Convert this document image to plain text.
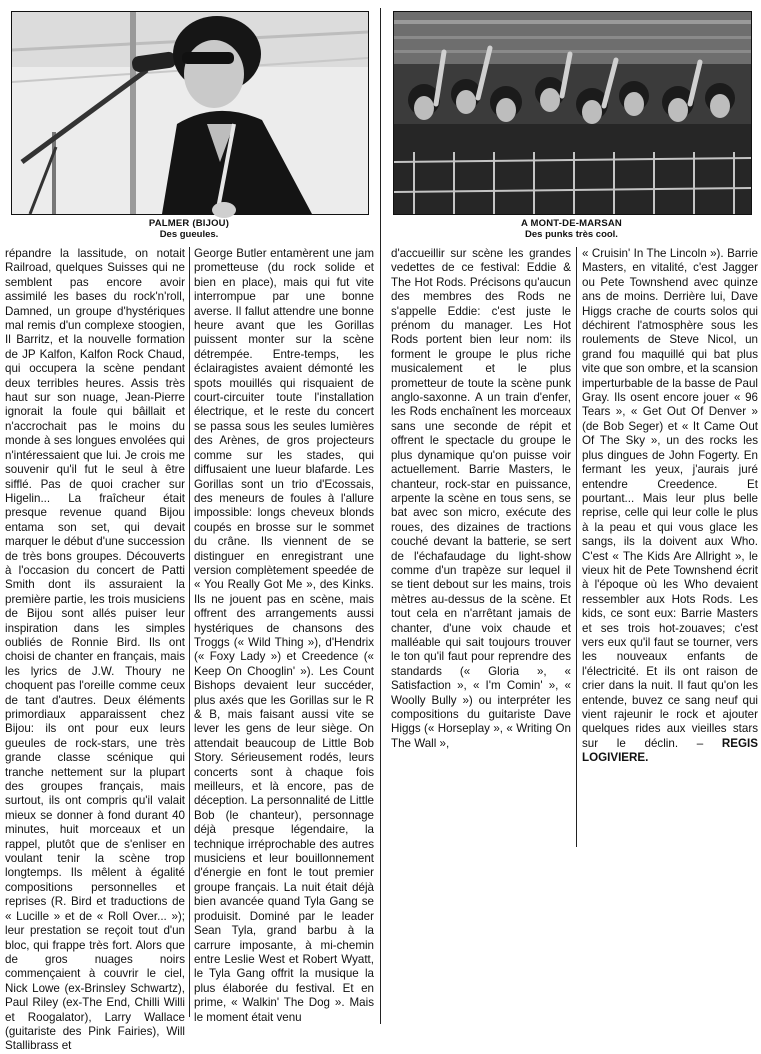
PALMER (BIJOU)
Des gueules.
A MONT-DE-MARSAN
Des punks très cool.

répandre la lassitude, on notait Railroad, quelques Suisses qui ne semblent pas encore avoir assimilé les bases du rock'n'roll, Damned, un groupe d'hystériques mal remis d'un complexe stoogien, Il Barritz, et la nouvelle formation de JP Kalfon, Kalfon Rock Chaud, qui occupera la scène pendant deux terribles heures. Assis très haut sur son nuage, Jean-Pierre ignorait la foule qui bâillait et n'accrochait pas le moins du monde à ses longues envolées qui n'intéressaient que lui. Je crois me souvenir qu'il fut le seul à être sifflé. Pas de quoi cracher sur Higelin... La fraîcheur était presque revenue quand Bijou entama son set, qui devait marquer le début d'une succession de très bons groupes. Découverts à l'occasion du concert de Patti Smith dont ils assuraient la première partie, les trois musiciens de Bijou sont allés puiser leur inspiration dans les simples oubliés de Ronnie Bird. Ils ont choisi de chanter en français, mais les lyrics de J.W. Thoury ne choquent pas l'oreille comme ceux de tant d'autres. Deux éléments primordiaux apparaissent chez Bijou: ils ont pour eux leurs gueules de rock-stars, une très grande classe scénique qui tranche nettement sur la plupart des groupes français, mais surtout, ils ont compris qu'il valait mieux se donner à fond durant 40 minutes, huit morceaux et un rappel, plutôt que de s'enliser en voulant tenir la scène trop longtemps. Ils mêlent à égalité compositions personnelles et reprises (R. Bird et traductions de « Lucille » et de « Roll Over... »); leur prestation se reçoit tout d'un bloc, qui frappe très fort. Alors que de gros nuages noirs commençaient à couvrir le ciel, Nick Lowe (ex-Brinsley Schwartz), Paul Riley (ex-The End, Chilli Willi et Roogalator), Larry Wallace (guitariste des Pink Fairies), Will Stallibrass et

George Butler entamèrent une jam prometteuse (du rock solide et bien en place), mais qui fut vite interrompue par une bonne averse. Il fallut attendre une bonne heure avant que les Gorillas puissent monter sur la scène détrempée. Entre-temps, les éclairagistes avaient démonté les spots mouillés qui risquaient de court-circuiter toute l'installation électrique, et le reste du concert se passa sous les seules lumières des Arènes, de gros projecteurs comme sur les stades, qui diffusaient une lueur blafarde. Les Gorillas sont un trio d'Ecossais, des meneurs de foules à l'allure impossible: longs cheveux blonds coupés en brosse sur le sommet du crâne. Ils viennent de se distinguer en enregistrant une version complètement speedée de « You Really Got Me », des Kinks. Ils ne jouent pas en scène, mais offrent des arrangements aussi hystériques de chansons des Troggs (« Wild Thing »), d'Hendrix (« Foxy Lady ») et Creedence (« Keep On Chooglin' »). Les Count Bishops devaient leur succéder, plus axés que les Gorillas sur le R & B, mais faisant aussi vite se lever les gens de leur siège. On attendait beaucoup de Little Bob Story. Sérieusement rodés, leurs concerts sont à chaque fois meilleurs, et là encore, pas de déception. La personnalité de Little Bob (le chanteur), personnage déjà presque légendaire, la technique irréprochable des autres musiciens et leur bouillonnement d'énergie en font le tout premier groupe français. La nuit était déjà bien avancée quand Tyla Gang se produisit. Dominé par le leader Sean Tyla, grand barbu à la carrure imposante, à mi-chemin entre Leslie West et Robert Wyatt, le Tyla Gang offrit la musique la plus élaborée du festival. Et en prime, « Walkin' The Dog ». Mais le moment était venu

d'accueillir sur scène les grandes vedettes de ce festival: Eddie & The Hot Rods. Précisons qu'aucun des membres des Rods ne s'appelle Eddie: c'est juste le prénom du manager. Les Hot Rods portent bien leur nom: ils forment le groupe le plus riche musicalement et le plus prometteur de toute la scène punk anglo-saxonne. A un train d'enfer, les Rods enchaînent les morceaux sans une seconde de répit et offrent le spectacle du groupe le plus dynamique qu'on puisse voir actuellement. Barrie Masters, le chanteur, rock-star en puissance, arpente la scène en tous sens, se bat avec son micro, exécute des roues, des dizaines de tractions couché devant la batterie, se sert de l'échafaudage du light-show comme d'un trapèze sur lequel il se tient debout sur les mains, trois mètres au-dessus de la scène. Et tout cela en n'arrêtant jamais de chanter, d'une voix chaude et malléable qui sait toujours trouver le ton qu'il faut pour reprendre des standards (« Gloria », « Satisfaction », « I'm Comin' », « Woolly Bully ») ou interpréter les compositions du guitariste Dave Higgs (« Horseplay », « Writing On The Wall »,

« Cruisin' In The Lincoln »). Barrie Masters, en vitalité, c'est Jagger ou Pete Townshend avec quinze ans de moins. Derrière lui, Dave Higgs crache de courts solos qui déchirent l'atmosphère sous les roulements de Steve Nicol, un grand fou maquillé qui bat plus vite que son ombre, et la scansion imperturbable de la basse de Paul Gray. Ils osent encore jouer « 96 Tears », « Get Out Of Denver » (de Bob Seger) et « It Came Out Of The Sky », un des rocks les plus dingues de John Fogerty. En fermant les yeux, j'aurais juré entendre Creedence. Et pourtant... Mais leur plus belle reprise, celle qui leur colle le plus à la peau et qui vous glace les sangs, ils la doivent aux Who. C'est « The Kids Are Allright », le vieux hit de Pete Townshend écrit à l'époque où les Who devaient ressembler aux Hots Rods. Les kids, ce sont eux: Barrie Masters et ses trois hot-zouaves; c'est vers eux qu'il faut se tourner, vers les nouveaux enfants de l'électricité. Et ils ont raison de crier dans la nuit. Il faut qu'on les entende, buvez ce sang neuf qui vient rajeunir le rock et ajouter quelques rides aux vieilles stars sur le déclin. – REGIS LOGIVIERE.
